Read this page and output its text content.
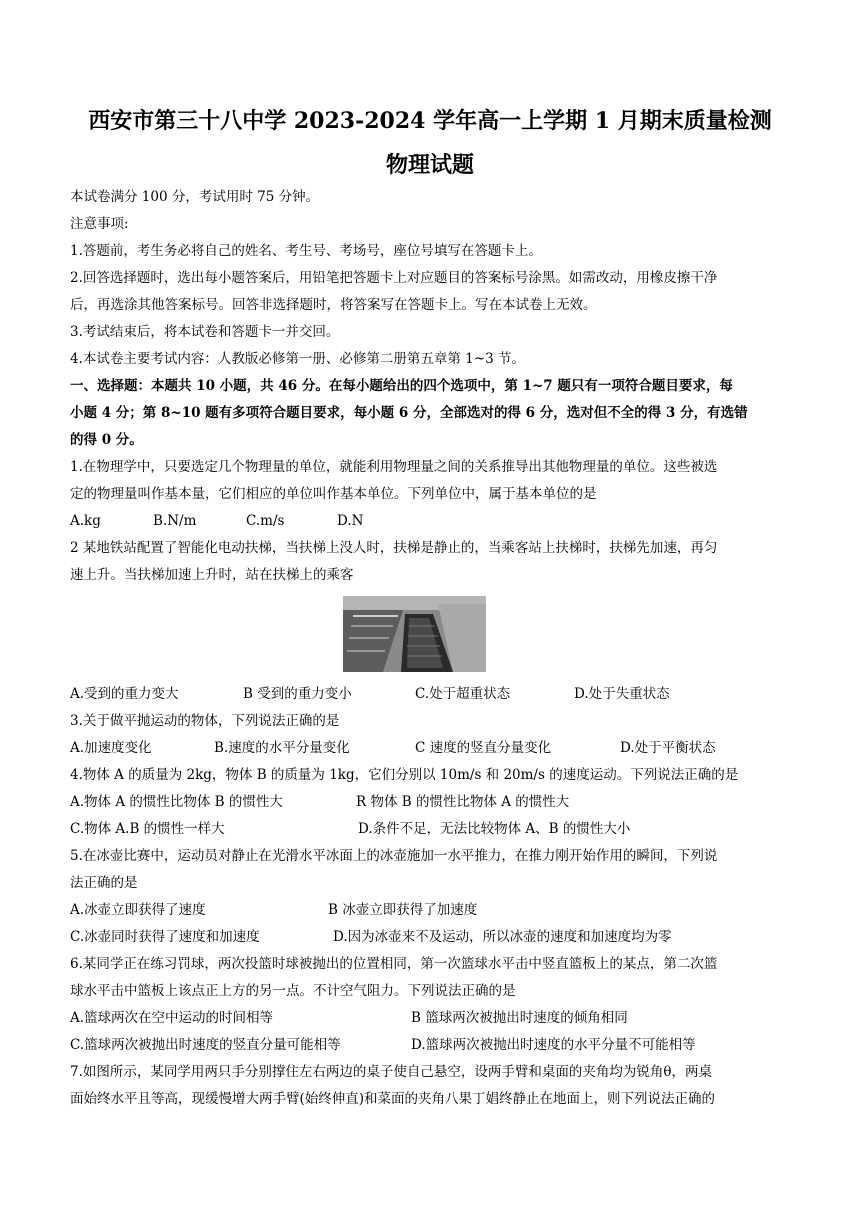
西安市第三十八中学 2023-2024 学年高一上学期 1 月期末质量检测
物理试题
本试卷满分 100 分，考试用时 75 分钟。
注意事项:
1.答题前，考生务必将自己的姓名、考生号、考场号，座位号填写在答题卡上。
2.回答选择题时，选出每小题答案后，用铅笔把答题卡上对应题目的答案标号涂黑。如需改动，用橡皮擦干净
后，再选涂其他答案标号。回答非选择题时，将答案写在答题卡上。写在本试卷上无效。
3.考试结束后，将本试卷和答题卡一并交回。
4.本试卷主要考试内容：人教版必修第一册、必修第二册第五章第 1~3 节。
一、选择题：本题共 10 小题，共 46 分。在每小题给出的四个选项中，第 1~7 题只有一项符合题目要求，每
小题 4 分；第 8~10 题有多项符合题目要求，每小题 6 分，全部选对的得 6 分，选对但不全的得 3 分，有选错
的得 0 分。
1.在物理学中，只要选定几个物理量的单位，就能利用物理量之间的关系推导出其他物理量的单位。这些被选
定的物理量叫作基本量，它们相应的单位叫作基本单位。下列单位中，属于基本单位的是
A.kg	B.N/m	C.m/s	D.N
2 某地铁站配置了智能化电动扶梯，当扶梯上没人时，扶梯是静止的，当乘客站上扶梯时，扶梯先加速，再匀
速上升。当扶梯加速上升时，站在扶梯上的乘客
A.受到的重力变大	B 受到的重力变小	C.处于超重状态	D.处于失重状态
3.关于做平抛运动的物体，下列说法正确的是
A.加速度变化	B.速度的水平分量变化	C 速度的竖直分量变化	D.处于平衡状态
4.物体 A 的质量为 2kg，物体 B 的质量为 1kg，它们分别以 10m/s 和 20m/s 的速度运动。下列说法正确的是
A.物体 A 的惯性比物体 B 的惯性大	R 物体 B 的惯性比物体 A 的惯性大
C.物体 A.B 的惯性一样大	D.条件不足，无法比较物体 A、B 的惯性大小
5.在冰壶比赛中，运动员对静止在光滑水平冰面上的冰壶施加一水平推力，在推力刚开始作用的瞬间，下列说
法正确的是
A.冰壶立即获得了速度	B 冰壶立即获得了加速度
C.冰壶同时获得了速度和加速度	D.因为冰壶来不及运动，所以冰壶的速度和加速度均为零
6.某同学正在练习罚球，两次投篮时球被抛出的位置相同，第一次篮球水平击中竖直篮板上的某点，第二次篮
球水平击中篮板上该点正上方的另一点。不计空气阻力。下列说法正确的是
A.篮球两次在空中运动的时间相等	B 篮球两次被抛出时速度的倾角相同
C.篮球两次被抛出时速度的竖直分量可能相等	D.篮球两次被抛出时速度的水平分量不可能相等
7.如图所示，某同学用两只手分别撑住左右两边的桌子使自己悬空，设两手臂和桌面的夹角均为锐角θ，两桌
面始终水平且等高，现缓慢增大两手臂(始终伸直)和菜面的夹角八果丁娼终静止在地面上，则下列说法正确的
